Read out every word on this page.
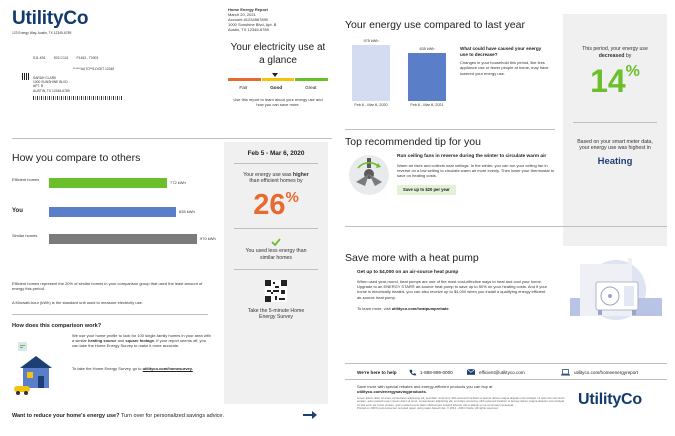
UtilityCo
123 Energy Way, Austin, TX 12345-6789
S11-K51 S02-C101 P1463 - T0003
******AUTO**5-DIGIT 12345
SARAH CLARK
1000 SUNSHINE BLVD
APT. B
AUSTIN, TX 12345-6789
Home Energy Report
March 20, 2021
Account #1234567890
1000 Sunshine Blvd, Apt. B
Austin, TX 12345-6789
Your electricity use at a glance
Fair	Good	Great
Use this report to learn about your energy use and how you can save more.
How you compare to others
Efficient homes
772 kWh
You	835 kWh
Similar homes
970 kWh
Efficient homes represent the 20% of similar homes in your comparison group that used the least amount of energy this period.
A Kilowatt-hour (kWh) is the standard unit used to measure electricity use.
How does this comparison work?
We use your home profile to look for 100 single-family homes in your area with a similar heating source and square footage. If your report seems off, you can take the Home Energy Survey to make it more accurate.
To take the Home Energy Survey, go to utilityco.com/homesurvey.
Want to reduce your home's energy use? Turn over for personalized savings advice.
Feb 5 - Mar 6, 2020
Your energy use was higher than efficient homes by
26%
You used less energy than similar homes
Take the 5-minute Home Energy Survey
Your energy use compared to last year
975 kWh
835 kWh
Feb 6 - Mar 6, 2020	Feb 6 - Mar 6, 2021
What could have caused your energy use to decrease?
Changes in your household this period, like less appliance use or fewer people at home, may have lowered your energy use.
This period, your energy use decreased by
14%
Based on your smart meter data, your energy use was highest in
Heating
Top recommended tip for you
Run ceiling fans in reverse during the winter to circulate warm air
Warm air rises and collects near ceilings. In the winter, you can run your ceiling fan in reverse on a low setting to circulate warm air more evenly. Then lower your thermostat to save on heating costs.
Save up to $20 per year
Save more with a heat pump
Get up to $4,000 on an air-source heat pump
When used year-round, heat pumps are one of the most cost-effective ways to heat and cool your home. Upgrade to an ENERGY STAR® air-source heat pump to save up to 50% on your heating costs. And if your home is electrically heated, you can also receive up to $4,000 when you install a qualifying energy efficient air-source heat pump.
To learn more, visit utilityco.com/heatpumprebate.
We're here to help	1-888-999-0000	efficient@utilityco.com	utilityco.com/homeenergyreport
Save more with special rebates and energy-efficient products you can buy at
utilityco.com/energysavingproducts.
Lorem ipsum dolor sit amet, consectetur adipiscing elit, sed diam nonummy nibh euismod tincidunt ut laoreet dolore magna aliquam erat volutpat. Ut wisi enim ad minim veniam, quis nostrud Lorem ipsum dolor sit amet, consectetuer adipiscing elit, sed diam nonummy nibh euismod tincidunt ut laoreet dolore magna aliquam erat volutpat. Ut wisi enim ad minim veniam, quis nostrud exerci tation ullamcorper suscipit lobortis nisl ut aliquip ex ea commodo consequat.
Printed on 100% post-consumer recycled paper using water-based inks. © 2012 - 2021 Oracle. All rights reserved.
UtilityCo
